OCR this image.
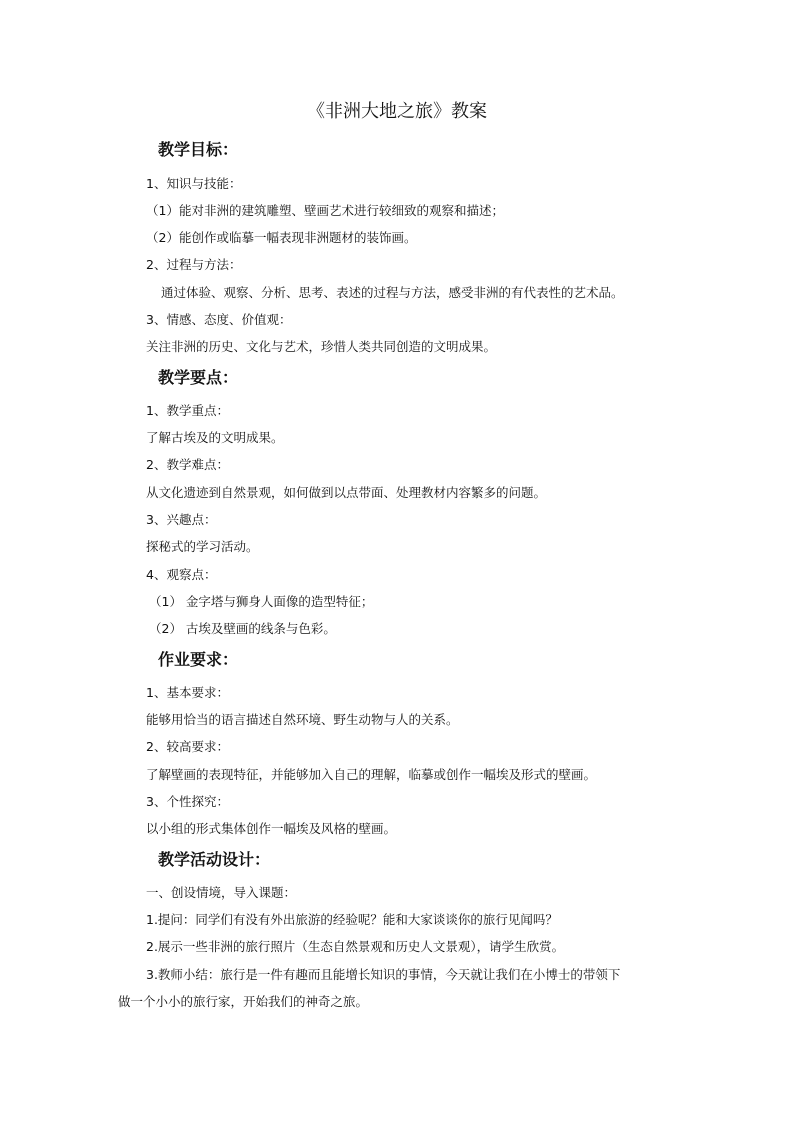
《非洲大地之旅》教案
教学目标：
1、知识与技能：
（1）能对非洲的建筑雕塑、壁画艺术进行较细致的观察和描述；
（2）能创作或临摹一幅表现非洲题材的装饰画。
2、过程与方法：
通过体验、观察、分析、思考、表述的过程与方法，感受非洲的有代表性的艺术品。
3、情感、态度、价值观：
关注非洲的历史、文化与艺术，珍惜人类共同创造的文明成果。
教学要点：
1、教学重点：
了解古埃及的文明成果。
2、教学难点：
从文化遗迹到自然景观，如何做到以点带面、处理教材内容繁多的问题。
3、兴趣点：
探秘式的学习活动。
4、观察点：
（1） 金字塔与狮身人面像的造型特征；
（2） 古埃及壁画的线条与色彩。
作业要求：
1、基本要求：
能够用恰当的语言描述自然环境、野生动物与人的关系。
2、较高要求：
了解壁画的表现特征，并能够加入自己的理解，临摹或创作一幅埃及形式的壁画。
3、个性探究：
以小组的形式集体创作一幅埃及风格的壁画。
教学活动设计：
一、创设情境，导入课题：
1.提问：同学们有没有外出旅游的经验呢？能和大家谈谈你的旅行见闻吗？
2.展示一些非洲的旅行照片（生态自然景观和历史人文景观），请学生欣赏。
3.教师小结：旅行是一件有趣而且能增长知识的事情，今天就让我们在小博士的带领下
做一个小小的旅行家，开始我们的神奇之旅。
